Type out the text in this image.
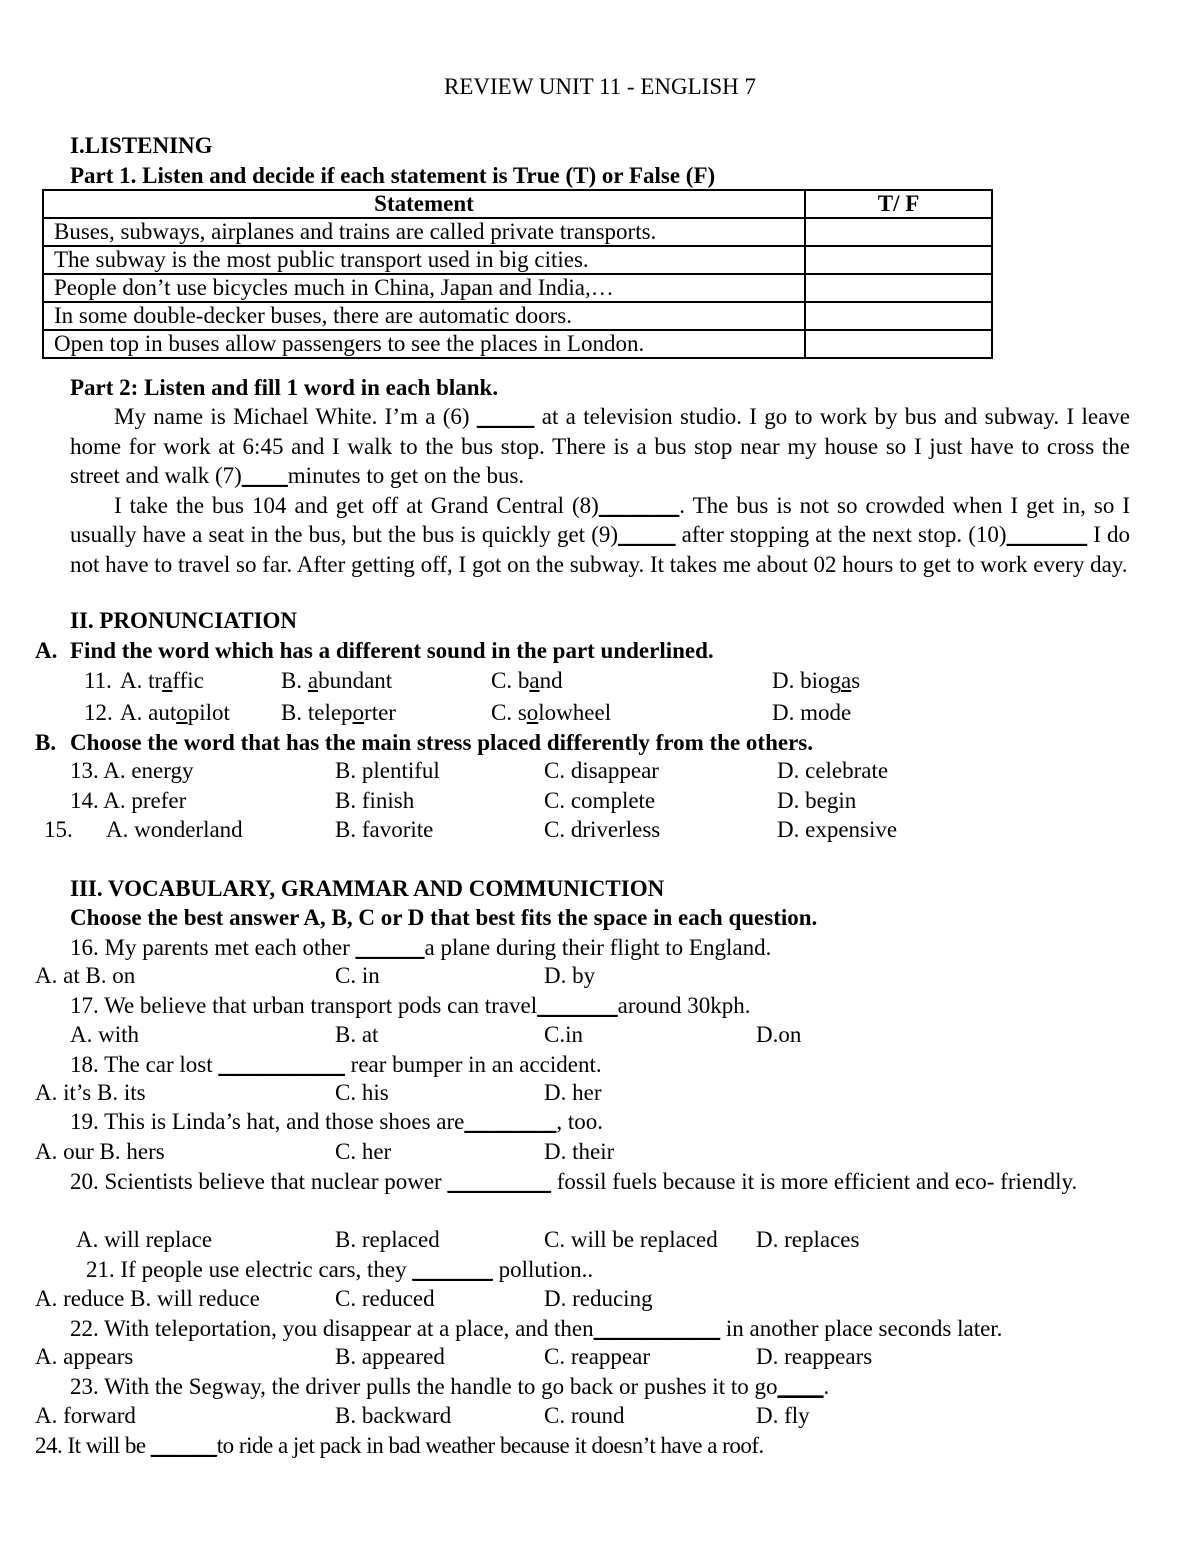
REVIEW UNIT 11 - ENGLISH 7
I.LISTENING
Part 1. Listen and decide if each statement is True (T) or False (F)
Statement	T/ F
Buses, subways, airplanes and trains are called private transports.	
The subway is the most public transport used in big cities.	
People don’t use bicycles much in China, Japan and India,…	
In some double-decker buses, there are automatic doors.	
Open top in buses allow passengers to see the places in London.	
Part 2: Listen and fill 1 word in each blank.

My name is Michael White. I’m a (6) _____ at a television studio. I go to work by bus and subway. I leave home for work at 6:45 and I walk to the bus stop. There is a bus stop near my house so I just have to cross the street and walk (7)____minutes to get on the bus.

I take the bus 104 and get off at Grand Central (8)_______. The bus is not so crowded when I get in, so I usually have a seat in the bus, but the bus is quickly get (9)_____ after stopping at the next stop. (10)_______ I do not have to travel so far. After getting off, I got on the subway. It takes me about 02 hours to get to work every day.

II. PRONUNCIATION
A. Find the word which has a different sound in the part underlined.
11. A. traffic	B. abundant	C. band	D. biogas
12. A. autopilot B. teleporter	C. solowheel	D. mode
B. Choose the word that has the main stress placed differently from the others.
13. A. energy	B. plentiful	C. disappear	D. celebrate
14. A. prefer	B. finish	C. complete	D. begin
15. A. wonderland	B. favorite	C. driverless	D. expensive
III. VOCABULARY, GRAMMAR AND COMMUNICTION
Choose the best answer A, B, C or D that best fits the space in each question.
16. My parents met each other ______a plane during their flight to England.
A. at B. on	C. in	D. by
17. We believe that urban transport pods can travel_______around 30kph.
A. with	B. at	C.in	D.on
18. The car lost ___________ rear bumper in an accident.
A. it’s B. its	C. his	D. her
19. This is Linda’s hat, and those shoes are________, too.
A. our B. hers	C. her	D. their
20. Scientists believe that nuclear power _________ fossil fuels because it is more efficient and eco- friendly.
A. will replace	B. replaced	C. will be replaced D. replaces
21. If people use electric cars, they _______ pollution..
A. reduce B. will reduce	C. reduced	D. reducing
22. With teleportation, you disappear at a place, and then___________ in another place seconds later.
A. appears	B. appeared	C. reappear	D. reappears
23. With the Segway, the driver pulls the handle to go back or pushes it to go____.
A. forward	B. backward	C. round	D. fly
24. It will be ______to ride a jet pack in bad weather because it doesn’t have a roof.
